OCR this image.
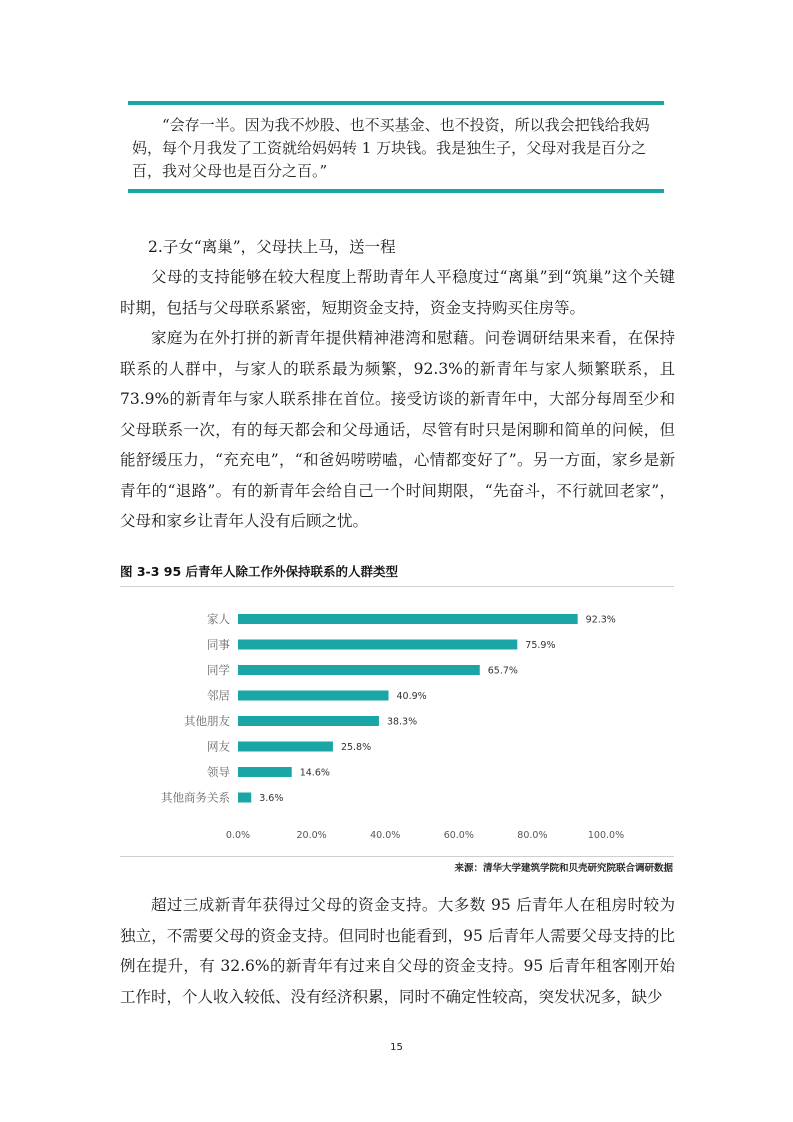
“会存一半。因为我不炒股、也不买基金、也不投资，所以我会把钱给我妈妈，每个月我发了工资就给妈妈转 1 万块钱。我是独生子，父母对我是百分之百，我对父母也是百分之百。”

2.子女“离巢”，父母扶上马，送一程

父母的支持能够在较大程度上帮助青年人平稳度过“离巢”到“筑巢”这个关键时期，包括与父母联系紧密，短期资金支持，资金支持购买住房等。

家庭为在外打拼的新青年提供精神港湾和慰藉。问卷调研结果来看，在保持联系的人群中，与家人的联系最为频繁，92.3%的新青年与家人频繁联系，且73.9%的新青年与家人联系排在首位。接受访谈的新青年中，大部分每周至少和父母联系一次，有的每天都会和父母通话，尽管有时只是闲聊和简单的问候，但能舒缓压力，“充充电”，“和爸妈唠唠嗑，心情都变好了”。另一方面，家乡是新青年的“退路”。有的新青年会给自己一个时间期限，“先奋斗，不行就回老家”，父母和家乡让青年人没有后顾之忧。

图 3-3 95 后青年人除工作外保持联系的人群类型
家人	92.3%
同事	75.9%
同学	65.7%
邻居	40.9%
其他朋友	38.3%
网友	25.8%
领导	14.6%
其他商务关系	3.6%
0.0%	20.0%	40.0%	60.0%	80.0%	100.0%
来源：清华大学建筑学院和贝壳研究院联合调研数据

超过三成新青年获得过父母的资金支持。大多数 95 后青年人在租房时较为独立，不需要父母的资金支持。但同时也能看到，95 后青年人需要父母支持的比例在提升，有 32.6%的新青年有过来自父母的资金支持。95 后青年租客刚开始工作时，个人收入较低、没有经济积累，同时不确定性较高，突发状况多，缺少

15
